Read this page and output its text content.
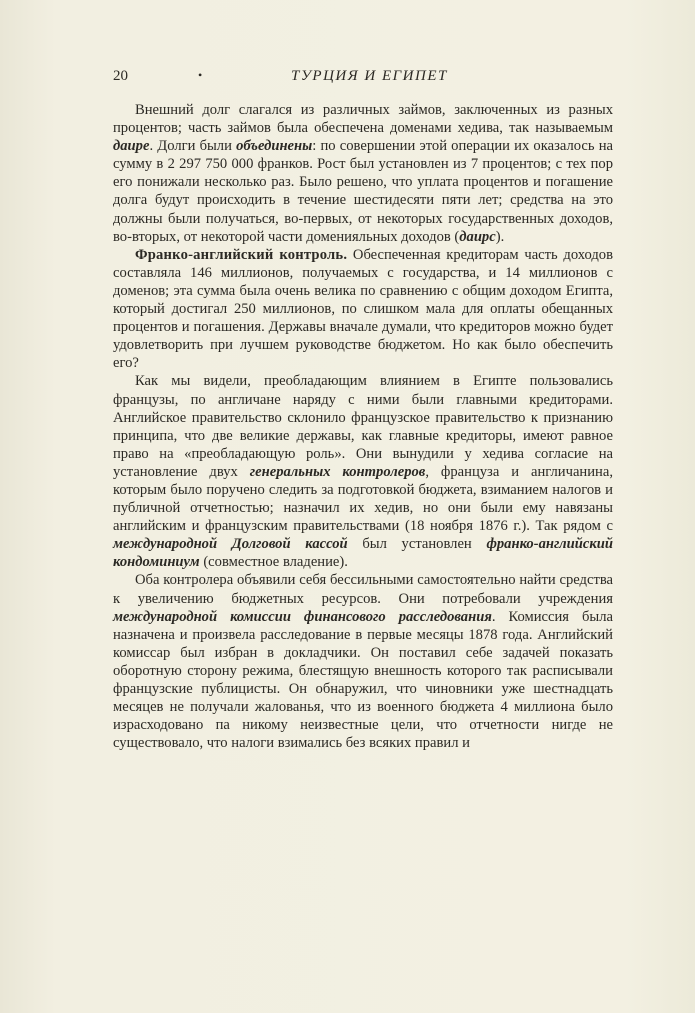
20	•	ТУРЦИЯ И ЕГИПЕТ

Внешний долг слагался из различных займов, заключенных из разных процентов; часть займов была обеспечена доменами хедива, так называемым даире. Долги были объединены: по совершении этой операции их оказалось на сумму в 2 297 750 000 франков. Рост был установлен из 7 процентов; с тех пор его понижали несколько раз. Было решено, что уплата процентов и погашение долга будут происходить в течение шестидесяти пяти лет; средства на это должны были получаться, во-первых, от некоторых государственных доходов, во-вторых, от некоторой части доменияльных доходов (даирс).

Франко-английский контроль. Обеспеченная кредиторам часть доходов составляла 146 миллионов, получаемых с государства, и 14 миллионов с доменов; эта сумма была очень велика по сравнению с общим доходом Египта, который достигал 250 миллионов, по слишком мала для оплаты обещанных процентов и погашения. Державы вначале думали, что кредиторов можно будет удовлетворить при лучшем руководстве бюджетом. Но как было обеспечить его?

Как мы видели, преобладающим влиянием в Египте пользовались французы, по англичане наряду с ними были главными кредиторами. Английское правительство склонило французское правительство к признанию принципа, что две великие державы, как главные кредиторы, имеют равное право на «преобладающую роль». Они вынудили у хедива согласие на установление двух генеральных контролеров, француза и англичанина, которым было поручено следить за подготовкой бюджета, взиманием налогов и публичной отчетностью; назначил их хедив, но они были ему навязаны английским и французским правительствами (18 ноября 1876 г.). Так рядом с международной Долговой кассой был установлен франко-английский кондоминиум (совместное владение).

Оба контролера объявили себя бессильными самостоятельно найти средства к увеличению бюджетных ресурсов. Они потребовали учреждения международной комиссии финансового расследования. Комиссия была назначена и произвела расследование в первые месяцы 1878 года. Английский комиссар был избран в докладчики. Он поставил себе задачей показать оборотную сторону режима, блестящую внешность которого так расписывали французские публицисты. Он обнаружил, что чиновники уже шестнадцать месяцев не получали жалованья, что из военного бюджета 4 миллиона было израсходовано па никому неизвестные цели, что отчетности нигде не существовало, что налоги взимались без всяких правил и
